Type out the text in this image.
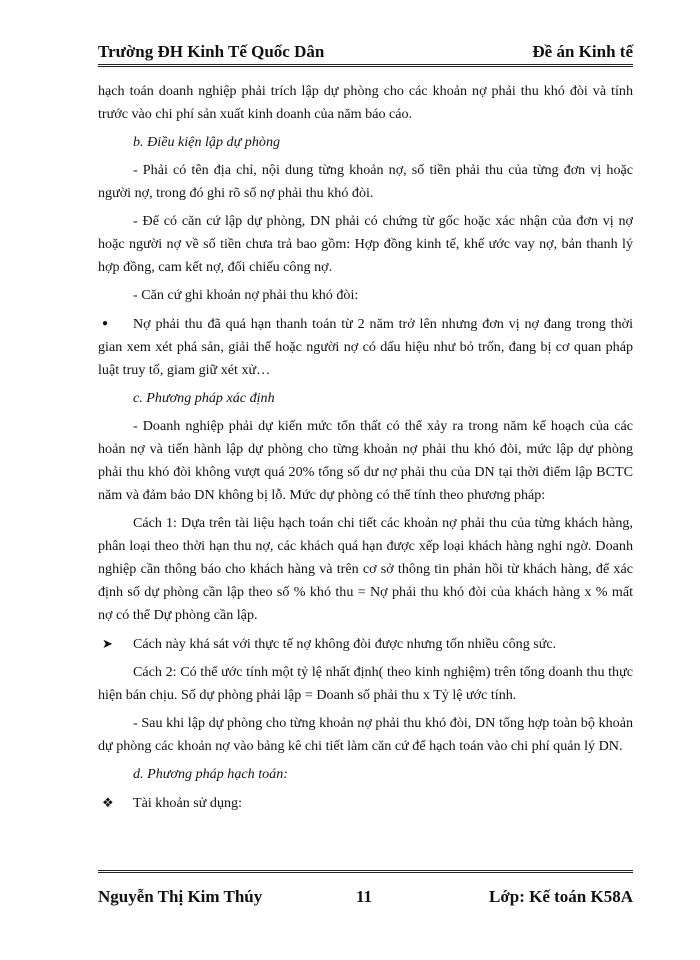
Trường ĐH Kinh Tế Quốc Dân	Đề án Kinh tế

hạch toán doanh nghiệp phải trích lập dự phòng cho các khoản nợ phải thu khó đòi và tính trước vào chi phí sản xuất kinh doanh của năm báo cáo.

b. Điều kiện lập dự phòng

- Phải có tên địa chỉ, nội dung từng khoản nợ, số tiền phải thu của từng đơn vị hoặc người nợ, trong đó ghi rõ số nợ phải thu khó đòi.

- Để có căn cứ lập dự phòng, DN phải có chứng từ gốc hoặc xác nhận của đơn vị nợ hoặc người nợ về số tiền chưa trả bao gồm: Hợp đồng kinh tế, khế ước vay nợ, bản thanh lý hợp đồng, cam kết nợ, đối chiếu công nợ.

- Căn cứ ghi khoản nợ phải thu khó đòi:

● Nợ phải thu đã quá hạn thanh toán từ 2 năm trở lên nhưng đơn vị nợ đang trong thời gian xem xét phá sản, giải thể hoặc người nợ có dấu hiệu như bỏ trốn, đang bị cơ quan pháp luật truy tố, giam giữ xét xử…

c. Phương pháp xác định

- Doanh nghiệp phải dự kiến mức tổn thất có thể xảy ra trong năm kế hoạch của các hoản nợ và tiến hành lập dự phòng cho từng khoản nợ phải thu khó đòi, mức lập dự phòng phải thu khó đòi không vượt quá 20% tổng số dư nợ phải thu của DN tại thời điểm lập BCTC năm và đảm bảo DN không bị lỗ. Mức dự phòng có thể tính theo phương pháp:

Cách 1: Dựa trên tài liệu hạch toán chi tiết các khoản nợ phải thu của từng khách hàng, phân loại theo thời hạn thu nợ, các khách quá hạn được xếp loại khách hàng nghi ngờ. Doanh nghiệp cần thông báo cho khách hàng và trên cơ sở thông tin phản hồi từ khách hàng, để xác định số dự phòng cần lập theo số % khó thu = Nợ phải thu khó đòi của khách hàng x % mất nợ có thể Dự phòng cần lập.

➤ Cách này khá sát với thực tế nợ không đòi được nhưng tốn nhiều công sức.

Cách 2: Có thể ước tính một tỷ lệ nhất định( theo kinh nghiệm) trên tổng doanh thu thực hiện bán chịu. Số dự phòng phải lập = Doanh số phải thu x Tỷ lệ ước tính.

- Sau khi lập dự phòng cho từng khoản nợ phải thu khó đòi, DN tổng hợp toàn bộ khoản dự phòng các khoản nợ vào bảng kê chi tiết làm căn cứ để hạch toán vào chi phí quản lý DN.

d. Phương pháp hạch toán:

❖ Tài khoản sử dụng:

Nguyễn Thị Kim Thúy	11	Lớp: Kế toán K58A
